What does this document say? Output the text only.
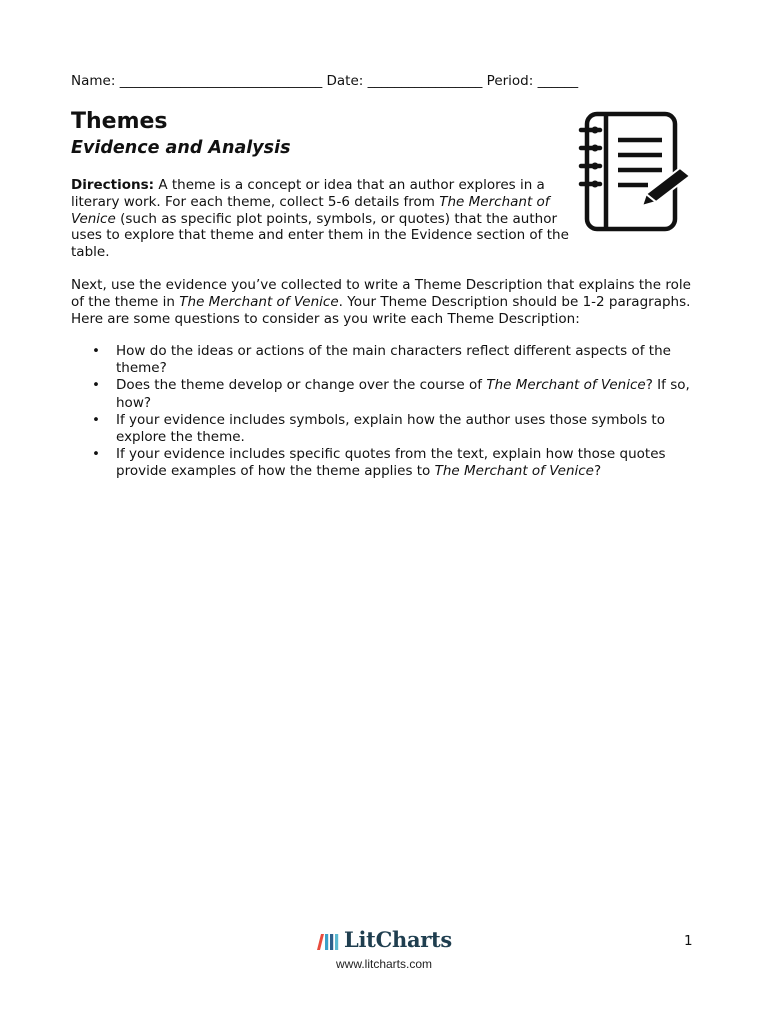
Name: ______________________________ Date: _________________ Period: ______
Themes
Evidence and Analysis

Directions: A theme is a concept or idea that an author explores in a literary work. For each theme, collect 5-6 details from The Merchant of Venice (such as specific plot points, symbols, or quotes) that the author uses to explore that theme and enter them in the Evidence section of the table.

Next, use the evidence you’ve collected to write a Theme Description that explains the role of the theme in The Merchant of Venice. Your Theme Description should be 1-2 paragraphs. Here are some questions to consider as you write each Theme Description:

• How do the ideas or actions of the main characters reflect different aspects of the theme?
• Does the theme develop or change over the course of The Merchant of Venice? If so, how?
• If your evidence includes symbols, explain how the author uses those symbols to explore the theme.
• If your evidence includes specific quotes from the text, explain how those quotes provide examples of how the theme applies to The Merchant of Venice?
LitCharts
www.litcharts.com
1
